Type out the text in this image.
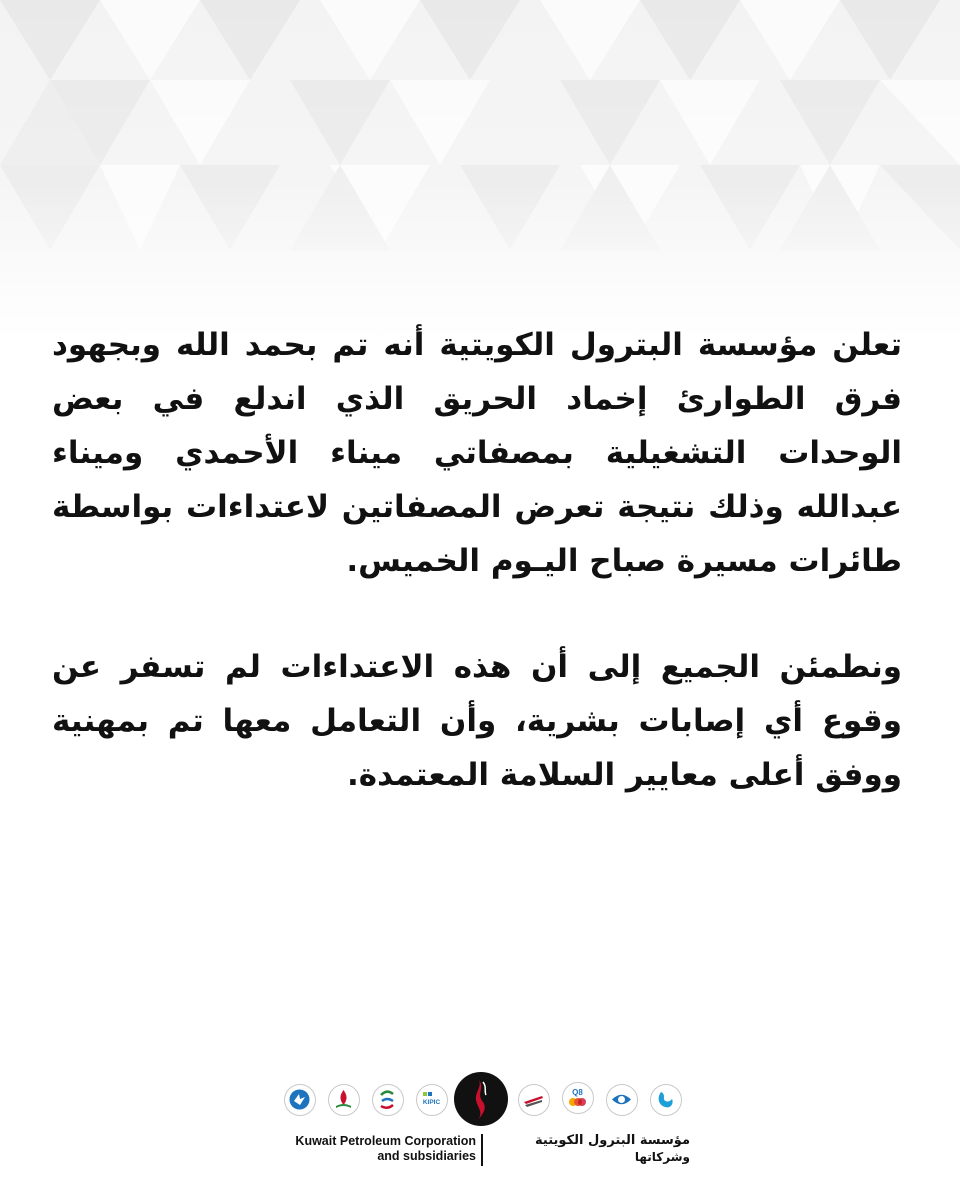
تعلن مؤسسة البترول الكويتية أنه تم بحمد الله وبجهود فرق الطوارئ إخماد الحريق الذي اندلع في بعض الوحدات التشغيلية بمصفاتي ميناء الأحمدي وميناء عبدالله وذلك نتيجة تعرض المصفاتين لاعتداءات بواسطة طائرات مسيرة صباح اليـوم الخميس.

ونطمئن الجميع إلى أن هذه الاعتداءات لم تسفر عن وقوع أي إصابات بشرية، وأن التعامل معها تم بمهنية ووفق أعلى معايير السلامة المعتمدة.

KIPIC
Q8
Kuwait Petroleum Corporation
and subsidiaries
مؤسسة البترول الكويتية
وشركاتها
